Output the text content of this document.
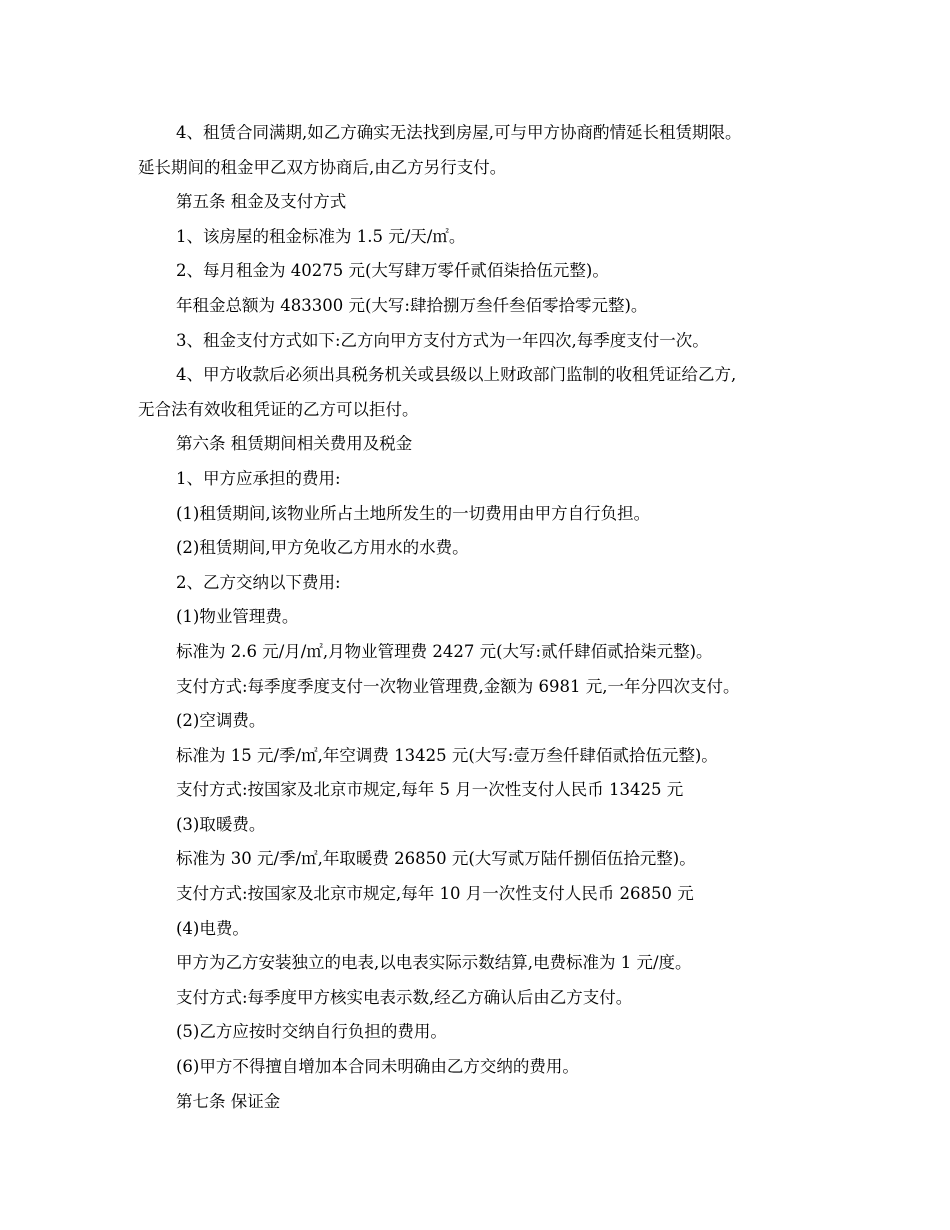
4、租赁合同满期,如乙方确实无法找到房屋,可与甲方协商酌情延长租赁期限。
延长期间的租金甲乙双方协商后,由乙方另行支付。
第五条 租金及支付方式
1、该房屋的租金标准为 1.5 元/天/㎡。
2、每月租金为 40275 元(大写肆万零仟贰佰柒拾伍元整)。
年租金总额为 483300 元(大写:肆拾捌万叁仟叁佰零拾零元整)。
3、租金支付方式如下:乙方向甲方支付方式为一年四次,每季度支付一次。
4、甲方收款后必须出具税务机关或县级以上财政部门监制的收租凭证给乙方,
无合法有效收租凭证的乙方可以拒付。
第六条 租赁期间相关费用及税金
1、甲方应承担的费用:
(1)租赁期间,该物业所占土地所发生的一切费用由甲方自行负担。
(2)租赁期间,甲方免收乙方用水的水费。
2、乙方交纳以下费用:
(1)物业管理费。
标准为 2.6 元/月/㎡,月物业管理费 2427 元(大写:贰仟肆佰贰拾柒元整)。
支付方式:每季度季度支付一次物业管理费,金额为 6981 元,一年分四次支付。
(2)空调费。
标准为 15 元/季/㎡,年空调费 13425 元(大写:壹万叁仟肆佰贰拾伍元整)。
支付方式:按国家及北京市规定,每年 5 月一次性支付人民币 13425 元
(3)取暖费。
标准为 30 元/季/㎡,年取暖费 26850 元(大写贰万陆仟捌佰伍拾元整)。
支付方式:按国家及北京市规定,每年 10 月一次性支付人民币 26850 元
(4)电费。
甲方为乙方安装独立的电表,以电表实际示数结算,电费标准为 1 元/度。
支付方式:每季度甲方核实电表示数,经乙方确认后由乙方支付。
(5)乙方应按时交纳自行负担的费用。
(6)甲方不得擅自增加本合同未明确由乙方交纳的费用。
第七条 保证金
